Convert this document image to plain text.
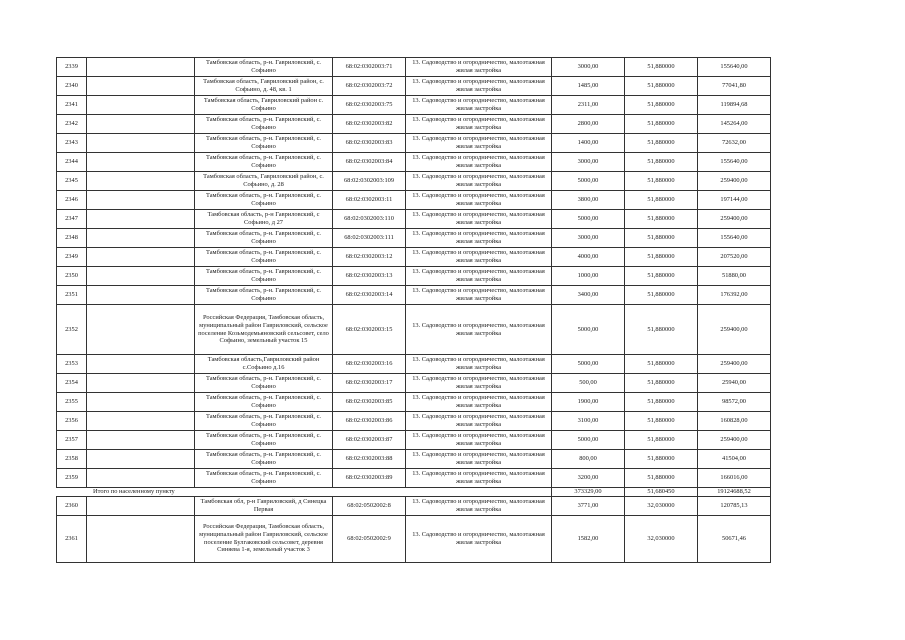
2339		Тамбовская область, р-н. Гавриловский, с. Софьино	68:02:0302003:71	13. Садоводство и огородничество, малоэтажная жилая застройка	3000,00	51,880000	155640,00
2340		Тамбовская область, Гавриловский район, с. Софьино, д. 48, кв. 1	68:02:0302003:72	13. Садоводство и огородничество, малоэтажная жилая застройка	1485,00	51,880000	77041,80
2341		Тамбовская область, Гавриловский район с. Софьино	68:02:0302003:75	13. Садоводство и огородничество, малоэтажная жилая застройка	2311,00	51,880000	119894,68
2342		Тамбовская область, р-н. Гавриловский, с. Софьино	68:02:0302003:82	13. Садоводство и огородничество, малоэтажная жилая застройка	2800,00	51,880000	145264,00
2343		Тамбовская область, р-н. Гавриловский, с. Софьино	68:02:0302003:83	13. Садоводство и огородничество, малоэтажная жилая застройка	1400,00	51,880000	72632,00
2344		Тамбовская область, р-н. Гавриловский, с. Софьино	68:02:0302003:84	13. Садоводство и огородничество, малоэтажная жилая застройка	3000,00	51,880000	155640,00
2345		Тамбовская область, Гавриловский район, с. Софьино, д. 28	68:02:0302003:109	13. Садоводство и огородничество, малоэтажная жилая застройка	5000,00	51,880000	259400,00
2346		Тамбовская область, р-н. Гавриловский, с. Софьино	68:02:0302003:11	13. Садоводство и огородничество, малоэтажная жилая застройка	3800,00	51,880000	197144,00
2347		Тамбовская область, р-н Гавриловский, с Софьино, д 27	68:02:0302003:110	13. Садоводство и огородничество, малоэтажная жилая застройка	5000,00	51,880000	259400,00
2348		Тамбовская область, р-н. Гавриловский, с. Софьино	68:02:0302003:111	13. Садоводство и огородничество, малоэтажная жилая застройка	3000,00	51,880000	155640,00
2349		Тамбовская область, р-н. Гавриловский, с. Софьино	68:02:0302003:12	13. Садоводство и огородничество, малоэтажная жилая застройка	4000,00	51,880000	207520,00
2350		Тамбовская область, р-н. Гавриловский, с. Софьино	68:02:0302003:13	13. Садоводство и огородничество, малоэтажная жилая застройка	1000,00	51,880000	51880,00
2351		Тамбовская область, р-н. Гавриловский, с. Софьино	68:02:0302003:14	13. Садоводство и огородничество, малоэтажная жилая застройка	3400,00	51,880000	176392,00
2352		Российская Федерация, Тамбовская область, муниципальный район Гавриловский, сельское поселение Козьмодемьяновский сельсовет, село Софьино, земельный участок 15	68:02:0302003:15	13. Садоводство и огородничество, малоэтажная жилая застройка	5000,00	51,880000	259400,00
2353		Тамбовская область,Гавриловский район с.Софьино д.16	68:02:0302003:16	13. Садоводство и огородничество, малоэтажная жилая застройка	5000,00	51,880000	259400,00
2354		Тамбовская область, р-н. Гавриловский, с. Софьино	68:02:0302003:17	13. Садоводство и огородничество, малоэтажная жилая застройка	500,00	51,880000	25940,00
2355		Тамбовская область, р-н. Гавриловский, с. Софьино	68:02:0302003:85	13. Садоводство и огородничество, малоэтажная жилая застройка	1900,00	51,880000	98572,00
2356		Тамбовская область, р-н. Гавриловский, с. Софьино	68:02:0302003:86	13. Садоводство и огородничество, малоэтажная жилая застройка	3100,00	51,880000	160828,00
2357		Тамбовская область, р-н. Гавриловский, с. Софьино	68:02:0302003:87	13. Садоводство и огородничество, малоэтажная жилая застройка	5000,00	51,880000	259400,00
2358		Тамбовская область, р-н. Гавриловский, с. Софьино	68:02:0302003:88	13. Садоводство и огородничество, малоэтажная жилая застройка	800,00	51,880000	41504,00
2359		Тамбовская область, р-н. Гавриловский, с. Софьино	68:02:0302003:89	13. Садоводство и огородничество, малоэтажная жилая застройка	3200,00	51,880000	166016,00
Итого по населенному пункту					373329,00	51,680450	19124688,52
2360		Тамбовская обл, р-н Гавриловский, д Синецка Первая	68:02:0502002:8	13. Садоводство и огородничество, малоэтажная жилая застройка	3771,00	32,030000	120785,13
2361		Российская Федерация, Тамбовская область, муниципальный район Гавриловский, сельское поселение Булгаковский сельсовет, деревня Синяева 1-я, земельный участок 3	68:02:0502002:9	13. Садоводство и огородничество, малоэтажная жилая застройка	1582,00	32,030000	50671,46
